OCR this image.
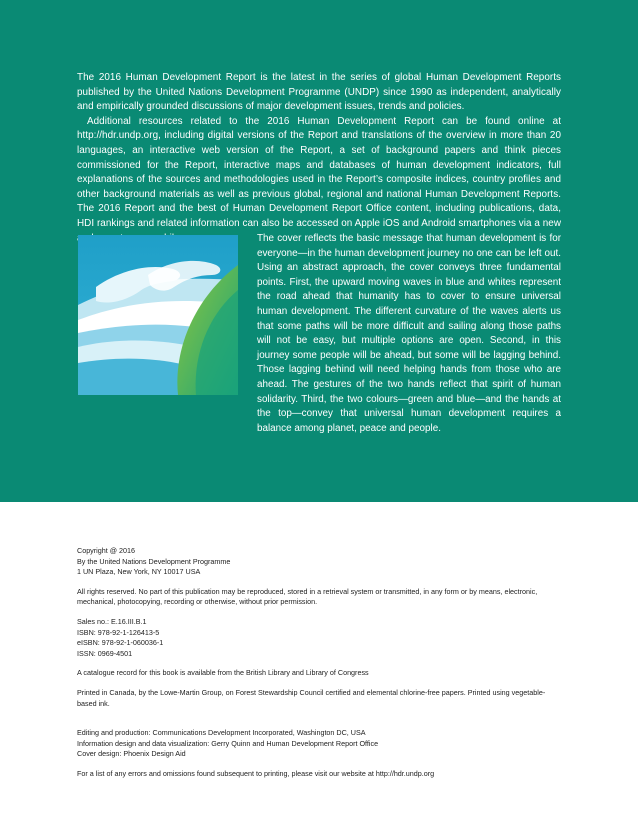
The 2016 Human Development Report is the latest in the series of global Human Development Reports published by the United Nations Development Programme (UNDP) since 1990 as independent, analytically and empirically grounded discussions of major development issues, trends and policies.

Additional resources related to the 2016 Human Development Report can be found online at http://hdr.undp.org, including digital versions of the Report and translations of the overview in more than 20 languages, an interactive web version of the Report, a set of background papers and think pieces commissioned for the Report, interactive maps and databases of human development indicators, full explanations of the sources and methodologies used in the Report’s composite indices, country profiles and other background materials as well as previous global, regional and national Human Development Reports. The 2016 Report and the best of Human Development Report Office content, including publications, data, HDI rankings and related information can also be accessed on Apple iOS and Android smartphones via a new

The cover reflects the basic message that human development is for everyone—in the human development journey no one can be left out. Using an abstract approach, the cover conveys three fundamental points. First, the upward moving waves in blue and whites represent the road ahead that humanity has to cover to ensure universal human development. The different curvature of the waves alerts us that some paths will be more difficult and sailing along those paths will not be easy, but multiple options are open. Second, in this journey some people will be ahead, but some will be lagging behind. Those lagging behind will need helping hands from those who are ahead. The gestures of the two hands reflect that spirit of human solidarity. Third, the two colours—green and blue—and the hands at the top—convey that universal human development requires a balance among planet, peace and people.

Copyright @ 2016
By the United Nations Development Programme
1 UN Plaza, New York, NY 10017 USA

All rights reserved. No part of this publication may be reproduced, stored in a retrieval system or transmitted, in any form or by means, electronic, mechanical, photocopying, recording or otherwise, without prior permission.

Sales no.: E.16.III.B.1
ISBN: 978-92-1-126413-5
eISBN: 978-92-1-060036-1
ISSN: 0969-4501

A catalogue record for this book is available from the British Library and Library of Congress

Printed in Canada, by the Lowe-Martin Group, on Forest Stewardship Council certified and elemental chlorine-free papers. Printed using vegetable-based ink.

Editing and production: Communications Development Incorporated, Washington DC, USA
Information design and data visualization: Gerry Quinn and Human Development Report Office
Cover design: Phoenix Design Aid

For a list of any errors and omissions found subsequent to printing, please visit our website at http://hdr.undp.org
